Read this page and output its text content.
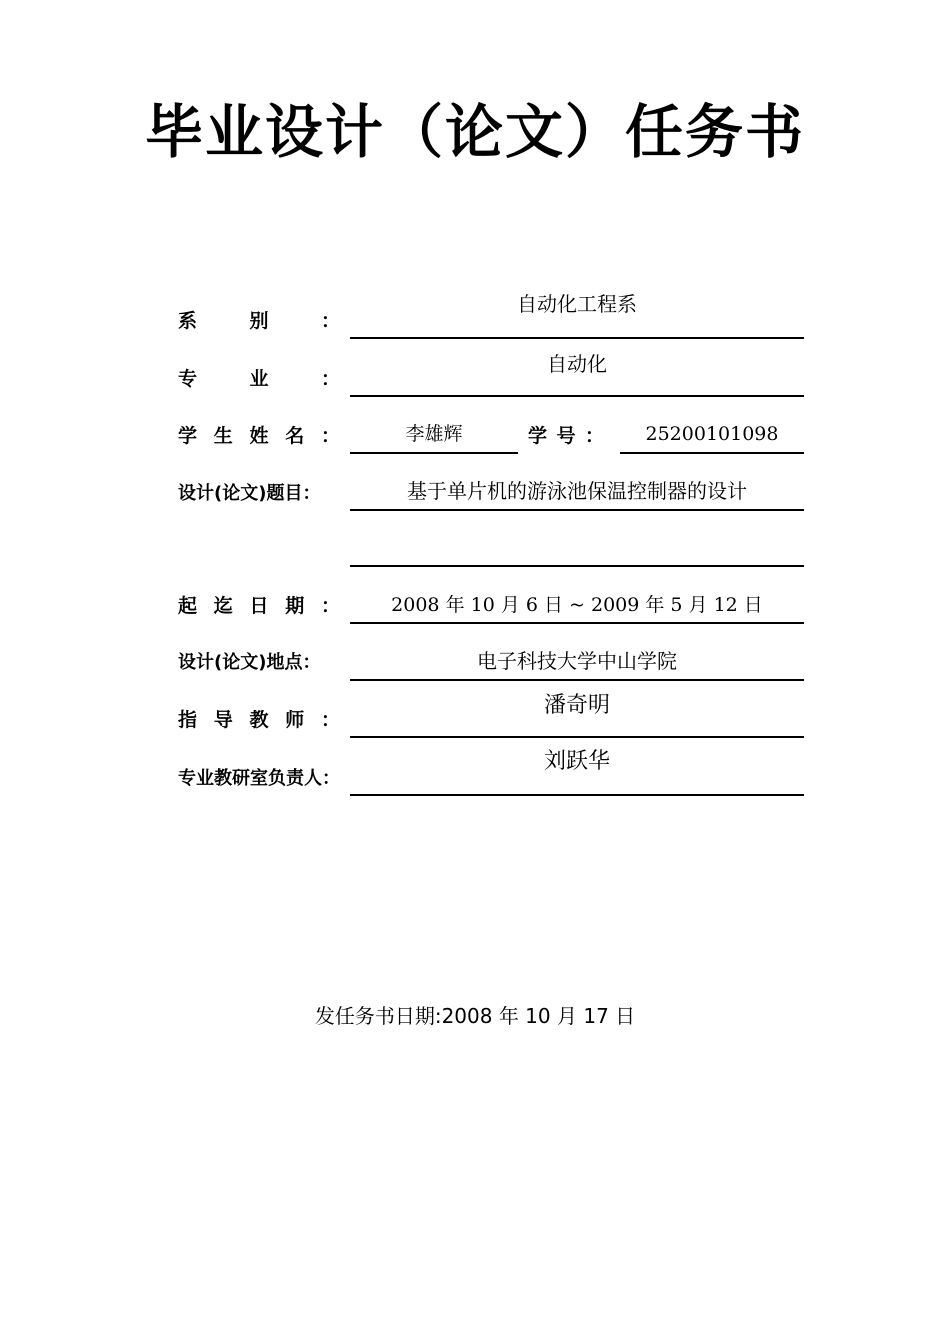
毕业设计（论文）任务书
系	别	：
自动化工程系
专	业	：
自动化
学 生 姓 名 ：	李雄辉	学 号 ：	25200101098
设计(论文)题目：	基于单片机的游泳池保温控制器的设计
起 迄 日 期 ：	2008 年 10 月 6 日 ~ 2009 年 5 月 12 日
设计(论文)地点：	电子科技大学中山学院
指 导 教 师 ：
潘奇明
专业教研室负责人：
刘跃华
发任务书日期:2008 年 10 月 17 日
